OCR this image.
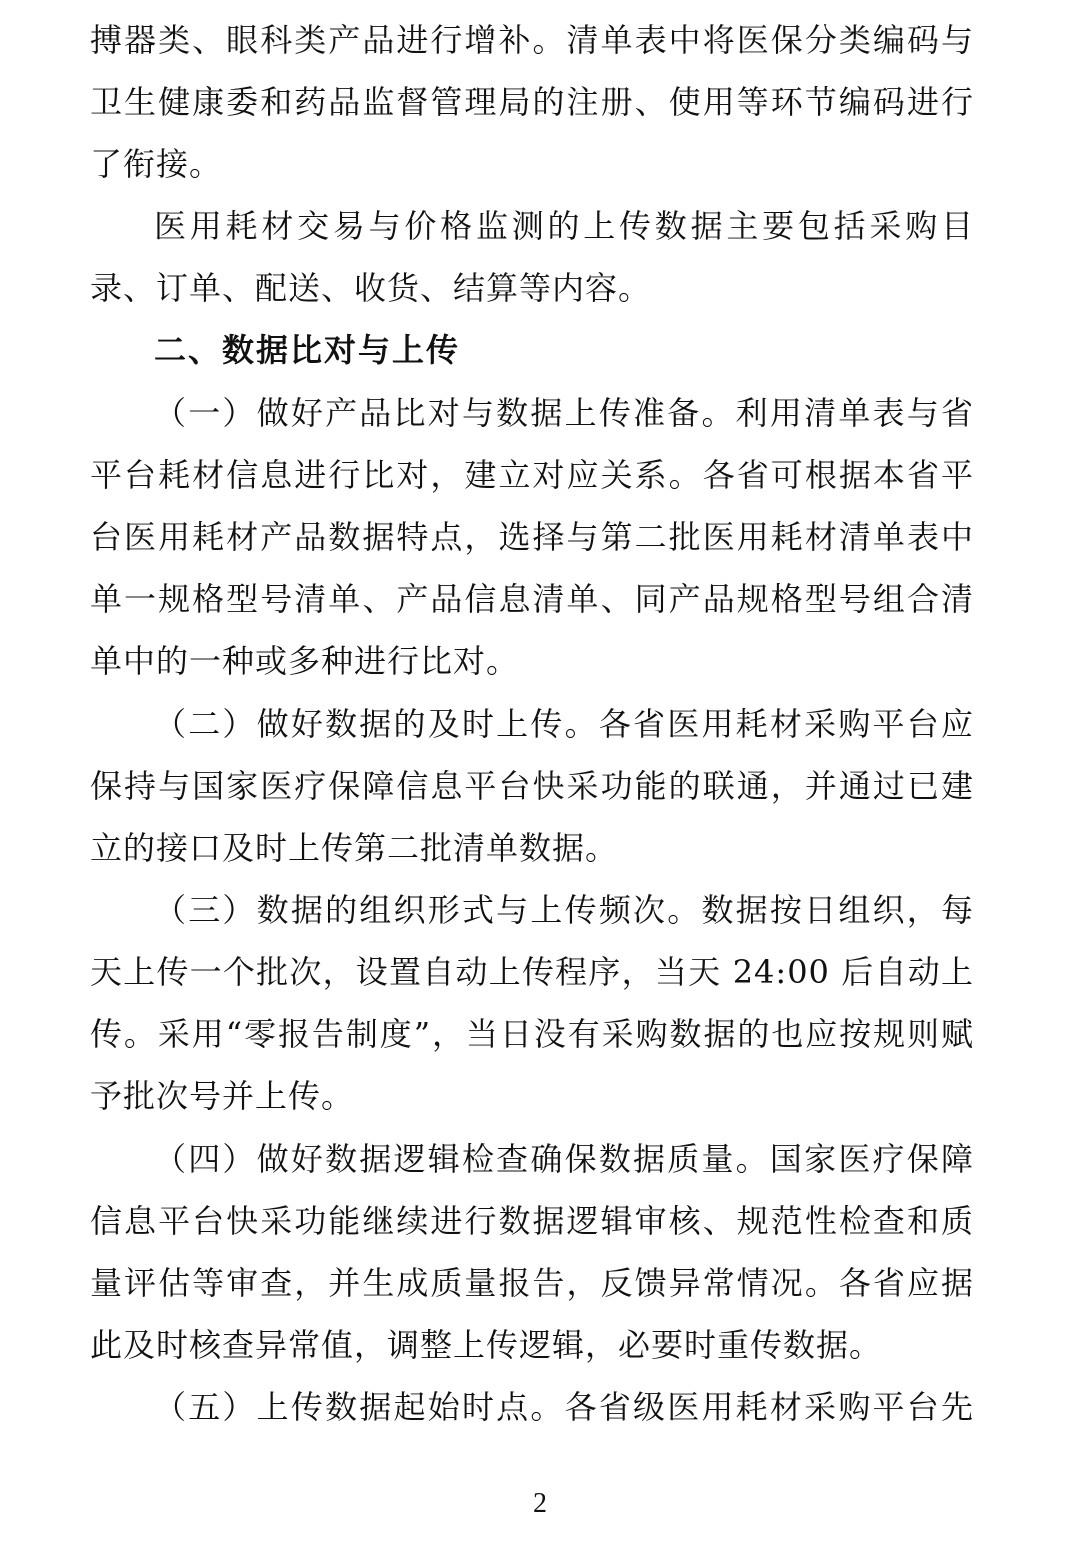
搏器类、眼科类产品进行增补。清单表中将医保分类编码与
卫生健康委和药品监督管理局的注册、使用等环节编码进行
了衔接。
医用耗材交易与价格监测的上传数据主要包括采购目
录、订单、配送、收货、结算等内容。
二、数据比对与上传
（一）做好产品比对与数据上传准备。利用清单表与省
平台耗材信息进行比对，建立对应关系。各省可根据本省平
台医用耗材产品数据特点，选择与第二批医用耗材清单表中
单一规格型号清单、产品信息清单、同产品规格型号组合清
单中的一种或多种进行比对。
（二）做好数据的及时上传。各省医用耗材采购平台应
保持与国家医疗保障信息平台快采功能的联通，并通过已建
立的接口及时上传第二批清单数据。
（三）数据的组织形式与上传频次。数据按日组织，每
天上传一个批次，设置自动上传程序，当天 24:00 后自动上
传。采用“零报告制度”，当日没有采购数据的也应按规则赋
予批次号并上传。
（四）做好数据逻辑检查确保数据质量。国家医疗保障
信息平台快采功能继续进行数据逻辑审核、规范性检查和质
量评估等审查，并生成质量报告，反馈异常情况。各省应据
此及时核查异常值，调整上传逻辑，必要时重传数据。
（五）上传数据起始时点。各省级医用耗材采购平台先
2
